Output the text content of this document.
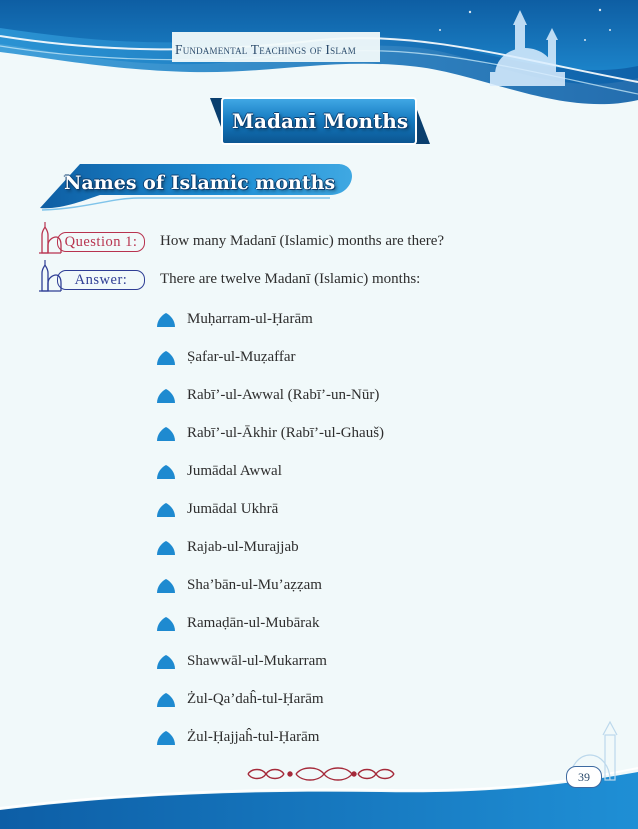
Fundamental Teachings of Islam
Madanī Months
Names of Islamic months
Question 1:	How many Madanī (Islamic) months are there?
Answer:	There are twelve Madanī (Islamic) months:
Muḥarram-ul-Ḥarām
Ṣafar-ul-Muẓaffar
Rabī’-ul-Awwal (Rabī’-un-Nūr)
Rabī’-ul-Ākhir (Rabī’-ul-Ghauš)
Jumādal Awwal
Jumādal Ukhrā
Rajab-ul-Murajjab
Sha’bān-ul-Mu’aẓẓam
Ramaḍān-ul-Mubārak
Shawwāl-ul-Mukarram
Żul-Qa’daĥ-tul-Ḥarām
Żul-Ḥajjaĥ-tul-Ḥarām
39
